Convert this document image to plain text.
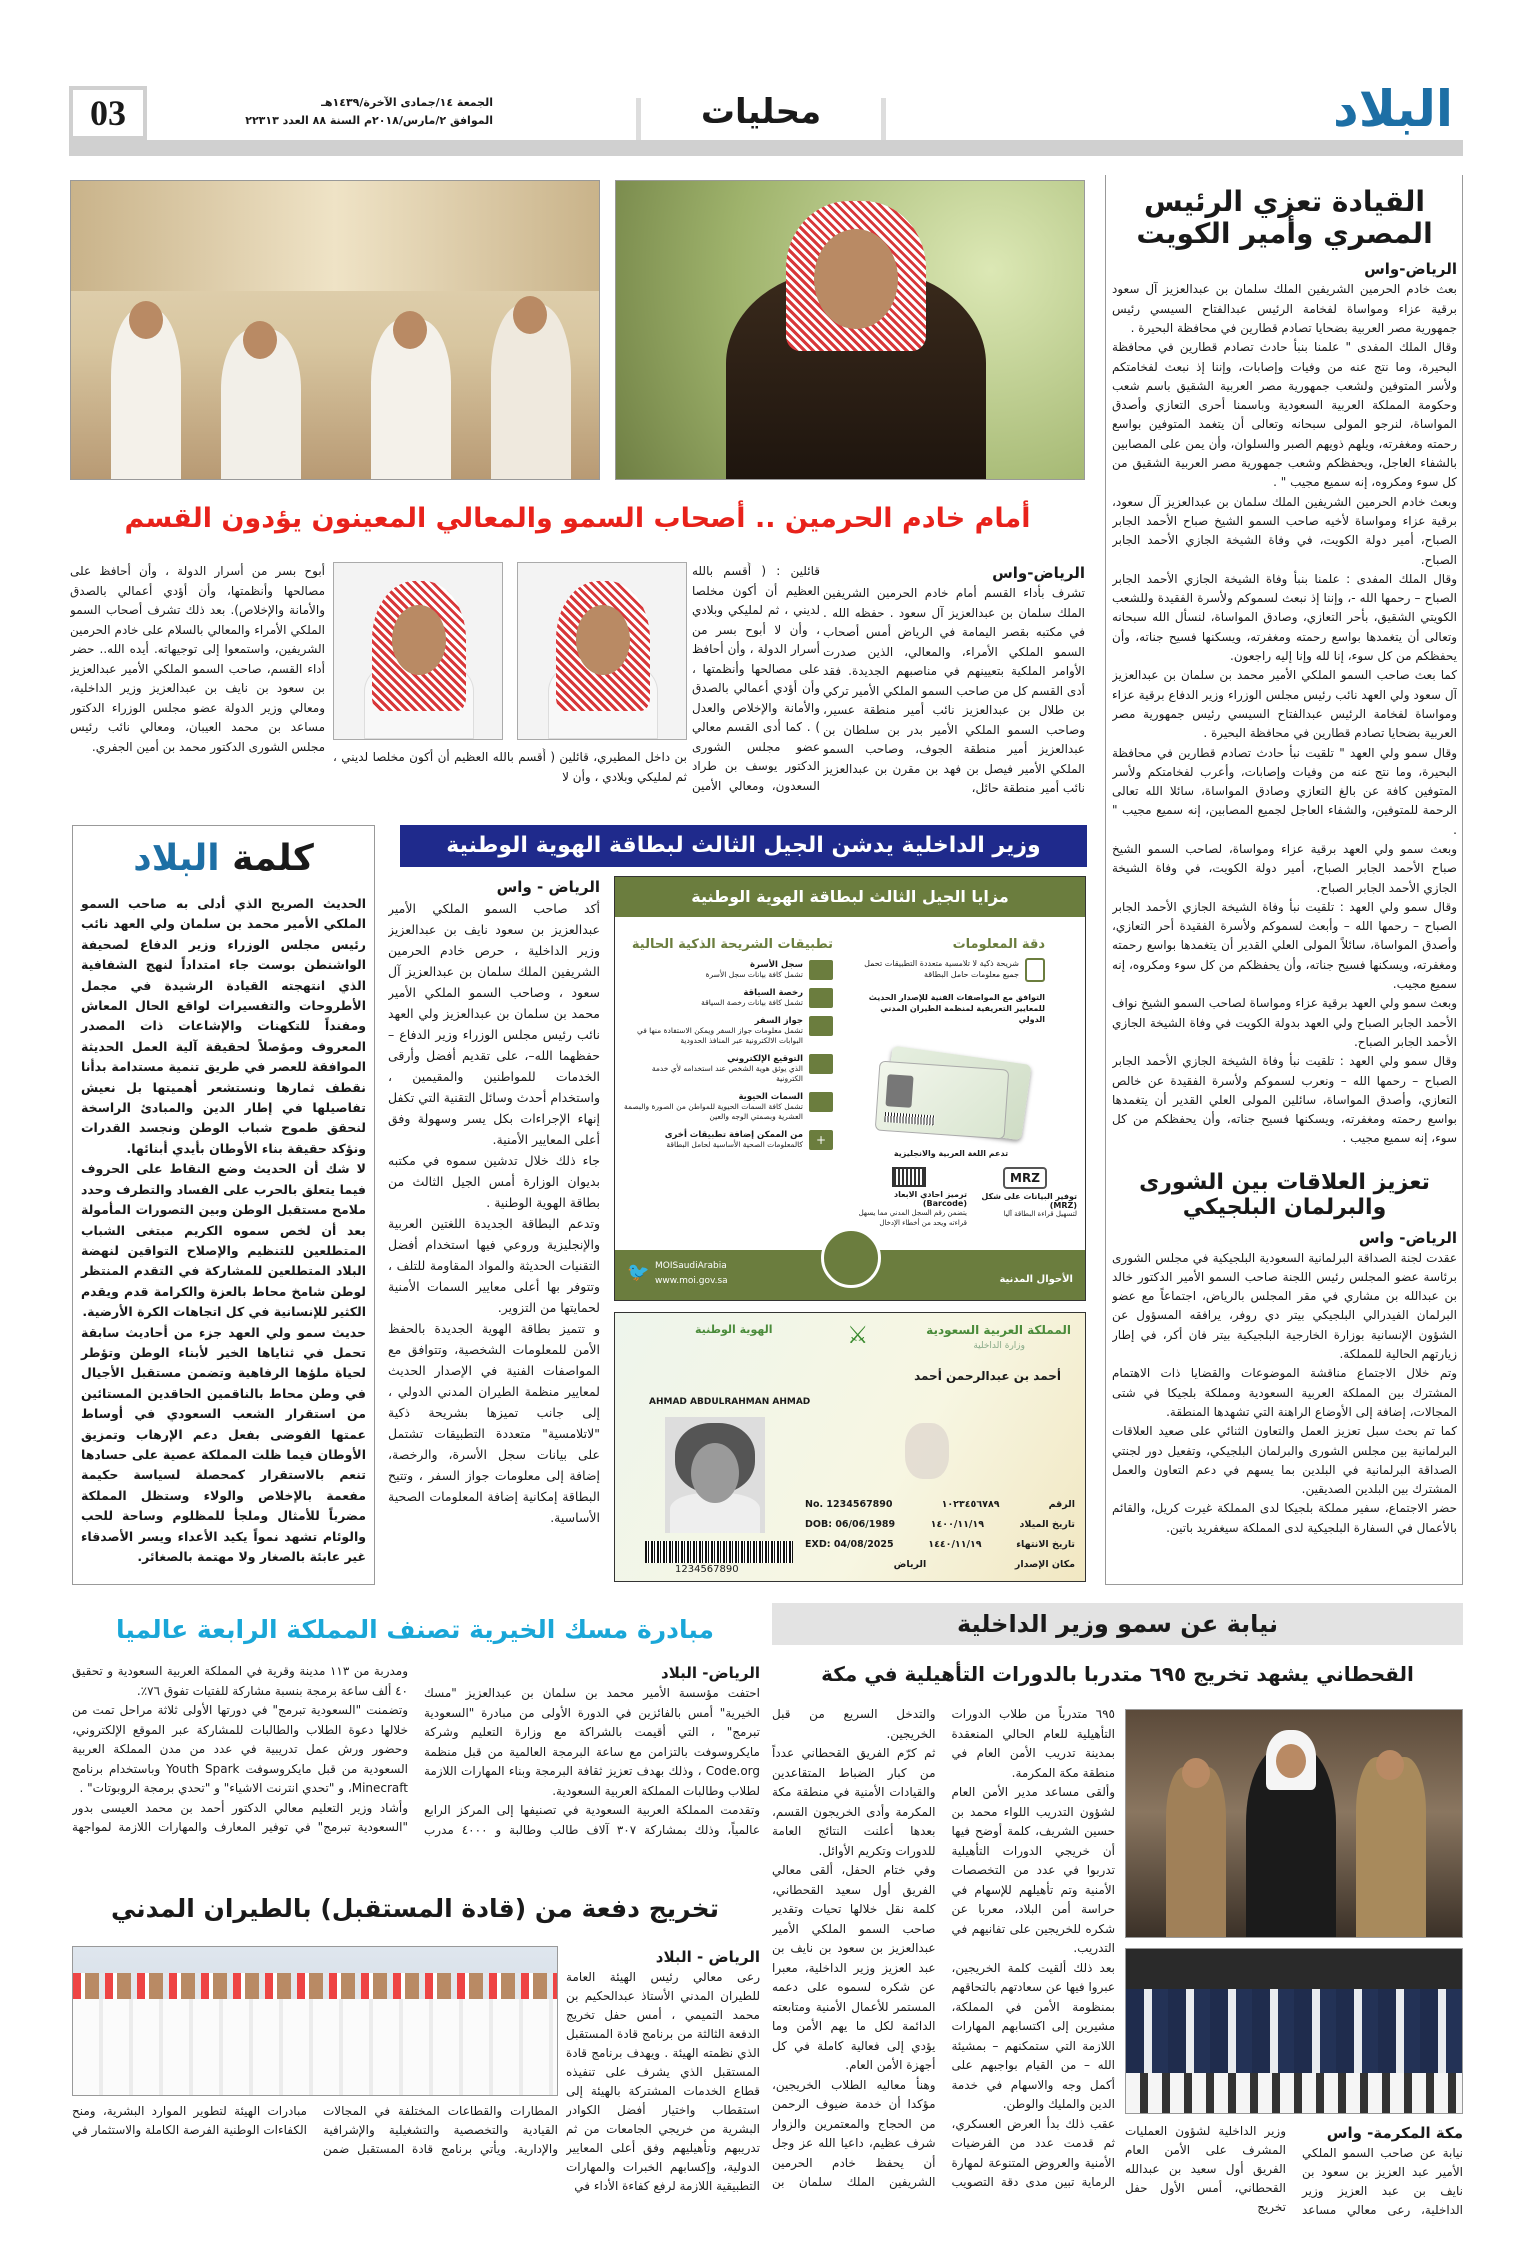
03	الجمعة ١٤/جمادى الآخرة/١٤٣٩هـ
الموافق ٢/مارس/٢٠١٨م السنة ٨٨ العدد ٢٢٣١٣	محليات	البلاد
القيادة تعزي الرئيس
المصري وأمير الكويت
الرياض-واس

بعث خادم الحرمين الشريفين الملك سلمان بن عبدالعزيز آل سعود برقية عزاء ومواساة لفخامة الرئيس عبدالفتاح السيسي رئيس جمهورية مصر العربية بضحايا تصادم قطارين في محافظة البحيرة .

وقال الملك المفدى " علمنا بنبأ حادث تصادم قطارين في محافظة البحيرة، وما نتج عنه من وفيات وإصابات، وإننا إذ نبعث لفخامتكم ولأسر المتوفين ولشعب جمهورية مصر العربية الشقيق باسم شعب وحكومة المملكة العربية السعودية وباسمنا أحرى التعازي وأصدق المواساة، لنرجو المولى سبحانه وتعالى أن يتغمد المتوفين بواسع رحمته ومغفرته، ويلهم ذويهم الصبر والسلوان، وأن يمن على المصابين بالشفاء العاجل، ويحفظكم وشعب جمهورية مصر العربية الشقيق من كل سوء ومكروه، إنه سميع مجيب " .

وبعث خادم الحرمين الشريفين الملك سلمان بن عبدالعزيز آل سعود، برقية عزاء ومواساة لأخيه صاحب السمو الشيخ صباح الأحمد الجابر الصباح، أمير دولة الكويت، في وفاة الشيخة الجازي الأحمد الجابر الصباح.

وقال الملك المفدى : علمنا بنبأ وفاة الشيخة الجازي الأحمد الجابر الصباح – رحمها الله -، وإننا إذ نبعث لسموكم ولأسرة الفقيدة وللشعب الكويتي الشقيق، بأحر التعازي، وصادق المواساة، لنسأل الله سبحانه وتعالى أن يتغمدها بواسع رحمته ومغفرته، ويسكنها فسيح جناته، وأن يحفظكم من كل سوء، إنا لله وإنا إليه راجعون.

كما بعث صاحب السمو الملكي الأمير محمد بن سلمان بن عبدالعزيز آل سعود ولي العهد نائب رئيس مجلس الوزراء وزير الدفاع برقية عزاء ومواساة لفخامة الرئيس عبدالفتاح السيسي رئيس جمهورية مصر العربية بضحايا تصادم قطارين في محافظة البحيرة .

وقال سمو ولي العهد " تلقيت نبأ حادث تصادم قطارين في محافظة البحيرة، وما نتج عنه من وفيات وإصابات، وأعرب لفخامتكم ولأسر المتوفين كافة عن بالغ التعازي وصادق المواساة، سائلا الله تعالى الرحمة للمتوفين، والشفاء العاجل لجميع المصابين، إنه سميع مجيب " .

وبعث سمو ولي العهد برقية عزاء ومواساة، لصاحب السمو الشيخ صباح الأحمد الجابر الصباح، أمير دولة الكويت، في وفاة الشيخة الجازي الأحمد الجابر الصباح.

وقال سمو ولي العهد : تلقيت نبأ وفاة الشيخة الجازي الأحمد الجابر الصباح – رحمها الله – وأبعث لسموكم ولأسرة الفقيدة أحر التعازي، وأصدق المواساة، سائلاً المولى العلي القدير أن يتغمدها بواسع رحمته ومغفرته، ويسكنها فسيح جناته، وأن يحفظكم من كل سوء ومكروه، إنه سميع مجيب.

وبعث سمو ولي العهد برقية عزاء ومواساة لصاحب السمو الشيخ نواف الأحمد الجابر الصباح ولي العهد بدولة الكويت في وفاة الشيخة الجازي الأحمد الجابر الصباح.

وقال سمو ولي العهد : تلقيت نبأ وفاة الشيخة الجازي الأحمد الجابر الصباح – رحمها الله – ونعرب لسموكم ولأسرة الفقيدة عن خالص التعازي، وأصدق المواساة، سائلين المولى العلي القدير أن يتغمدها بواسع رحمته ومغفرته، ويسكنها فسيح جناته، وأن يحفظكم من كل سوء، إنه سميع مجيب .

تعزيز العلاقات بين الشورى
والبرلمان البلجيكي
الرياض- واس

عقدت لجنة الصداقة البرلمانية السعودية البلجيكية في مجلس الشورى برئاسة عضو المجلس رئيس اللجنة صاحب السمو الأمير الدكتور خالد بن عبدالله بن مشاري في مقر المجلس بالرياض، اجتماعاً مع عضو البرلمان الفيدرالي البلجيكي بيتر دي روفر، يرافقه المسؤول عن الشؤون الإنسانية بوزارة الخارجية البلجيكية بيتر فان أكر، في إطار زيارتهم الحالية للمملكة.

وتم خلال الاجتماع مناقشة الموضوعات والقضايا ذات الاهتمام المشترك بين المملكة العربية السعودية ومملكة بلجيكا في شتى المجالات، إضافة إلى الأوضاع الراهنة التي تشهدها المنطقة.

كما تم بحث سبل تعزيز العمل والتعاون الثنائي على صعيد العلاقات البرلمانية بين مجلس الشورى والبرلمان البلجيكي، وتفعيل دور لجنتي الصداقة البرلمانية في البلدين بما يسهم في دعم التعاون والعمل المشترك بين البلدين الصديقين.

حضر الاجتماع، سفير مملكة بلجيكا لدى المملكة غيرت كريل، والقائم بالأعمال في السفارة البلجيكية لدى المملكة سيغفريد باتين.

أمام خادم الحرمين .. أصحاب السمو والمعالي المعينون يؤدون القسم
الرياض-واس
تشرف بأداء القسم أمام خادم الحرمين الشريفين الملك سلمان بن عبدالعزيز آل سعود . حفظه الله . في مكتبه بقصر اليمامة في الرياض أمس أصحاب السمو الملكي الأمراء، والمعالي، الذين صدرت الأوامر الملكية بتعيينهم في مناصبهم الجديدة. فقد أدى القسم كل من صاحب السمو الملكي الأمير تركي بن طلال بن عبدالعزيز نائب أمير منطقة عسير، وصاحب السمو الملكي الأمير بدر بن سلطان بن عبدالعزيز أمير منطقة الجوف، وصاحب السمو الملكي الأمير فيصل بن فهد بن مقرن بن عبدالعزيز نائب أمير منطقة حائل،
قائلين : ( أُقسم بالله العظيم أن أكون مخلصا لديني ، ثم لمليكي وبلادي ، وأن لا أبوح بسر من أسرار الدولة ، وأن أحافظ على مصالحها وأنظمتها ، وأن أؤدي أعمالي بالصدق والأمانة والإخلاص والعدل ) . كما أدى القسم معالي عضو مجلس الشورى الدكتور يوسف بن طراد السعدون، ومعالي الأمين
بن داخل المطيري، قائلين ( أُقسم بالله العظيم أن أكون مخلصا لديني ، ثم لمليكي وبلادي ، وأن لا
أبوح بسر من أسرار الدولة ، وأن أحافظ على مصالحها وأنظمتها، وأن أؤدي أعمالي بالصدق والأمانة والإخلاص). بعد ذلك تشرف أصحاب السمو الملكي الأمراء والمعالي بالسلام على خادم الحرمين الشريفين، واستمعوا إلى توجيهاته. أيده الله.. حضر أداء القسم، صاحب السمو الملكي الأمير عبدالعزيز بن سعود بن نايف بن عبدالعزيز وزير الداخلية، ومعالي وزير الدولة عضو مجلس الوزراء الدكتور مساعد بن محمد العيبان، ومعالي نائب رئيس مجلس الشورى الدكتور محمد بن أمين الجفري.
كلمة البلاد

الحديث الصريح الذي أدلى به صاحب السمو الملكي الأمير محمد بن سلمان ولي العهد نائب رئيس مجلس الوزراء وزير الدفاع لصحيفة الواشنطن بوست جاء امتداداً لنهج الشفافية الذي انتهجته القيادة الرشيدة في مجمل الأطروحات والتفسيرات لواقع الحال المعاش ومفنداً للتكهنات والإشاعات ذات المصدر المعروف ومؤصلاً لحقيقة آلية العمل الحديثة الموافقة للعصر في طريق تنمية مستدامة بدأنا نقطف ثمارها ونستشعر أهميتها بل نعيش تفاصيلها في إطار الدين والمبادئ الراسخة لنحقق طموح شباب الوطن ونجسد القدرات ونؤكد حقيقة بناء الأوطان بأيدي أبنائها.

لا شك أن الحديث وضع النقاط على الحروف فيما يتعلق بالحرب على الفساد والتطرف وحدد ملامح مستقبل الوطن وبين التصورات المأمولة بعد أن لخص سموه الكريم مبتغى الشباب المتطلعين للتنظيم والإصلاح التواقين لنهضة البلاد المتطلعين للمشاركة في التقدم المنتظر لوطن شامخ محاط بالعزة والكرامة قدم ويقدم الكثير للإنسانية في كل اتجاهات الكرة الأرضية.

حديث سمو ولي العهد جزء من أحاديث سابقة تحمل في ثناياها الخير لأبناء الوطن وتؤطر لحياة ملؤها الرفاهية وتضمن مستقبل الأجيال في وطن محاط بالناقمين الحاقدين المستائين من استقرار الشعب السعودي في أوساط عمتها الفوضى بفعل دعم الإرهاب وتمزيق الأوطان فيما ظلت المملكة عصية على حسادها تنعم بالاستقرار كمحصلة لسياسة حكيمة مفعمة بالإخلاص والولاء وستظل المملكة مضرباً للأمثال وملجأ للمظلوم وساحة للحب والوئام تشهد نمواً يكيد الأعداء ويسر الأصدقاء غير عابئة بالصغار ولا مهتمة بالصغائر.

وزير الداخلية يدشن الجيل الثالث لبطاقة الهوية الوطنية
الرياض - واس

أكد صاحب السمو الملكي الأمير عبدالعزيز بن سعود نايف بن عبدالعزيز وزير الداخلية ، حرص خادم الحرمين الشريفين الملك سلمان بن عبدالعزيز آل سعود ، وصاحب السمو الملكي الأمير محمد بن سلمان بن عبدالعزيز ولي العهد نائب رئيس مجلس الوزراء وزير الدفاع – حفظهما الله–، على تقديم أفضل وأرقى الخدمات للمواطنين والمقيمين ، واستخدام أحدث وسائل التقنية التي تكفل إنهاء الإجراءات بكل يسر وسهولة وفق أعلى المعايير الأمنية.

جاء ذلك خلال تدشين سموه في مكتبه بديوان الوزارة أمس الجيل الثالث من بطاقة الهوية الوطنية .

وتدعم البطاقة الجديدة اللغتين العربية والإنجليزية وروعي فيها استخدام أفضل التقنيات الحديثة والمواد المقاومة للتلف ، وتتوفر بها أعلى معايير السمات الأمنية لحمايتها من التزوير.

و تتميز بطاقة الهوية الجديدة بالحفظ الأمن للمعلومات الشخصية، وتتوافق مع المواصفات الفنية في الإصدار الحديث لمعايير منظمة الطيران المدني الدولي ، إلى جانب تميزها بشريحة ذكية "لاتلامسية" متعددة التطبيقات تشتمل على بيانات سجل الأسرة، والرخصة، إضافة إلى معلومات جواز السفر ، وتتيح البطاقة إمكانية إضافة المعلومات الصحية الأساسية.

مزايا الجيل الثالث لبطاقة الهوية الوطنية
تطبيقات الشريحة الذكية الحالية
سجل الأسرة
تشمل كافة بيانات سجل الأسرة
رخصة السياقة
تشمل كافة بيانات رخصة السياقة
جواز السفر
تشمل معلومات جواز السفر ويمكن الاستفادة منها في البوابات الالكترونية عبر المنافذ الحدودية
التوقيع الإلكتروني
الذي يوثق هوية الشخص عند استخدامه لأي خدمة الكترونية
السمات الحيوية
تشمل كافة السمات الحيوية للمواطن من الصورة والبصمة العشرية وبصمتي الوجه والعين
+
من الممكن إضافة تطبيقات أخرى
كالمعلومات الصحية الأساسية لحامل البطاقة
دقة المعلومات
شريحة ذكية لا تلامسية متعددة التطبيقات تحمل جميع معلومات حامل البطاقة
التوافق مع المواصفات الفنية للإصدار الحديث للمعايير التعريفية لمنظمة الطيران المدني الدولي
تدعم اللغة العربية والانجليزية
ترميز احادي الابعاد (Barcode)
يتضمن رقم السجل المدني مما يسهل قراءته ويحد من أخطاء الإدخال
MRZ
توفير البيانات على شكل (MRZ)
لتسهيل قراءة البطاقة آليا
🐦 MOISaudiArabia
www.moi.gov.sa	الأحوال المدنية
المملكة العربية السعودية
وزارة الداخلية
الهوية الوطنية	⚔
أحمد بن عبدالرحمن أحمد
AHMAD ABDULRAHMAN AHMAD
1234567890
الرقم
١٠٢٣٤٥٦٧٨٩
No. 1234567890
تاريخ الميلاد
١٤٠٠/١١/١٩
DOB: 06/06/1989
تاريخ الانتهاء
١٤٤٠/١١/١٩
EXD: 04/08/2025
مكان الإصدار
الرياض
نيابة عن سمو وزير الداخلية
القحطاني يشهد تخريج ٦٩٥ متدربا بالدورات التأهيلية في مكة
مكة المكرمة- واس

نيابة عن صاحب السمو الملكي الأمير عبد العزيز بن سعود بن نايف بن عبد العزيز وزير الداخلية، رعى معالي مساعد وزير الداخلية لشؤون العمليات المشرف على الأمن العام الفريق أول سعيد بن عبدالله القحطاني، أمس الأول حفل تخريج

٦٩٥ متدرباً من طلاب الدورات التأهيلية للعام الحالي المنعقدة بمدينة تدريب الأمن العام في منطقة مكة المكرمة.

وألقى مساعد مدير الأمن العام لشؤون التدريب اللواء محمد بن حسين الشريف، كلمة أوضح فيها أن خريجي الدورات التأهيلية تدربوا في عدد من التخصصات الأمنية وتم تأهيلهم للإسهام في حراسة أمن البلاد، معربا عن شكره للخريجين على تفانيهم في التدريب.

بعد ذلك ألقيت كلمة الخريجين، عبروا فيها عن سعادتهم بالتحاقهم بمنظومة الأمن في المملكة، مشيرين إلى اكتسابهم المهارات اللازمة التي ستمكنهم – بمشيئة الله – من القيام بواجبهم على أكمل وجه والاسهام في خدمة الدين والمليك والوطن.

عقب ذلك بدأ العرض العسكري، ثم قدمت عدد من الفرضيات الأمنية والعروض المتنوعة لمهارة الرماية تبين مدى دقة التصويب والتدخل السريع من قبل الخريجين.

ثم كرّم الفريق القحطاني عدداً من كبار الضباط المتقاعدين والقيادات الأمنية في منطقة مكة المكرمة وأدى الخريجون القسم، بعدها أعلنت النتائج العامة للدورات وتكريم الأوائل.

وفي ختام الحفل، ألقى معالي الفريق أول سعيد القحطاني، كلمة نقل خلالها تحيات وتقدير صاحب السمو الملكي الأمير عبدالعزيز بن سعود بن نايف بن عبد العزيز وزير الداخلية، معبرا عن شكره لسموه على دعمه المستمر للأعمال الأمنية ومتابعته الدائمة لكل ما يهم الأمن وما يؤدي إلى فعالية كاملة في كل أجهزة الأمن العام.

وهنأ معاليه الطلاب الخريجين، مؤكدا أن خدمة ضيوف الرحمن من الحجاج والمعتمرين والزوار شرف عظيم، داعيا الله عز وجل أن يحفظ خادم الحرمين الشريفين الملك سلمان بن

مبادرة مسك الخيرية تصنف المملكة الرابعة عالميا
الرياض- البلاد

احتفت مؤسسة الأمير محمد بن سلمان بن عبدالعزيز "مسك الخيرية" أمس بالفائزين في الدورة الأولى من مبادرة "السعودية تبرمج" ، التي أقيمت بالشراكة مع وزارة التعليم وشركة مايكروسوفت بالتزامن مع ساعة البرمجة العالمية من قبل منظمة Code.org ، وذلك بهدف تعزيز ثقافة البرمجة وبناء المهارات اللازمة لطلاب وطالبات المملكة العربية السعودية.

وتقدمت المملكة العربية السعودية في تصنيفها إلى المركز الرابع عالمياً، وذلك بمشاركة ٣٠٧ آلاف طالب وطالبة و ٤٠٠٠ مدرب ومدربة من ١١٣ مدينة وقرية في المملكة العربية السعودية و تحقيق ٤٠ ألف ساعة برمجة بنسبة مشاركة للفتيات تفوق ٧٦٪.

وتضمنت "السعودية تبرمج" في دورتها الأولى ثلاثة مراحل تمت من خلالها دعوة الطلاب والطالبات للمشاركة عبر الموقع الإلكتروني، وحضور ورش عمل تدريبية في عدد من مدن المملكة العربية السعودية من قبل مايكروسوفت Youth Spark وباستخدام برنامج Minecraft، و "تحدي انترنت الاشياء" و "تحدي برمجة الروبوتات" .

وأشاد وزير التعليم معالي الدكتور أحمد بن محمد العيسى بدور "السعودية تبرمج" في توفير المعارف والمهارات اللازمة لمواجهة

تخريج دفعة من (قادة المستقبل) بالطيران المدني
الرياض - البلاد
رعى معالي رئيس الهيئة العامة للطيران المدني الأستاذ عبدالحكيم بن محمد التميمي ، أمس حفل تخريج الدفعة الثالثة من برنامج قادة المستقبل الذي نظمته الهيئة . ويهدف برنامج قادة المستقبل الذي يشرف على تنفيذه قطاع الخدمات المشتركة بالهيئة إلى استقطاب واختيار أفضل الكوادر البشرية من خريجي الجامعات من ثم تدريبهم وتأهيليهم وفق أعلى المعايير الدولية، وإكسابهم الخبرات والمهارات التطبيقية اللازمة لرفع كفاءة الأداء في
المطارات والقطاعات المختلفة في المجالات القيادية والتخصصية والتشغيلية والإشرافية والإدارية. ويأتي برنامج قادة المستقبل ضمن مبادرات الهيئة لتطوير الموارد البشرية، ومنح الكفاءات الوطنية الفرصة الكاملة والاستثمار في
